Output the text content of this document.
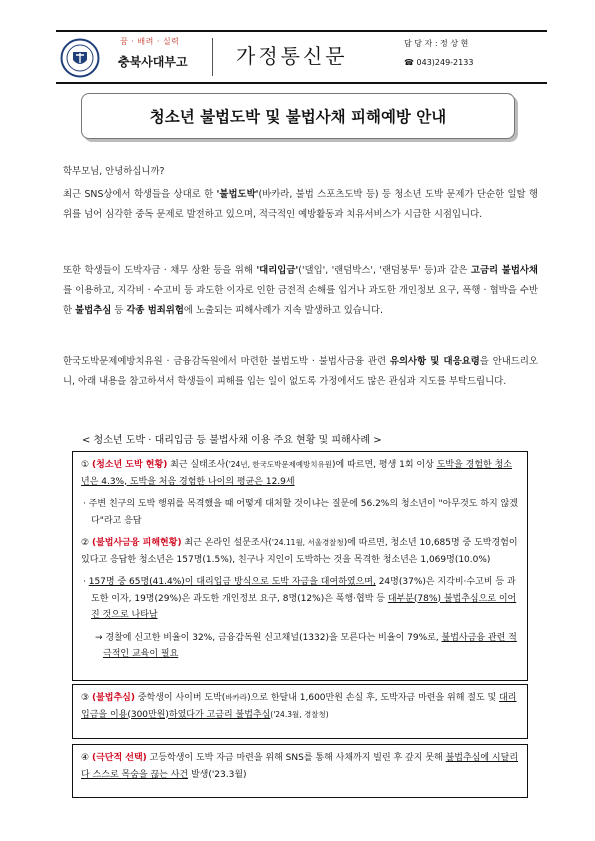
꿈 · 배려 · 실력
충북사대부고 가정통신문
담 당 자 : 정 상 현
☎ 043)249-2133
청소년 불법도박 및 불법사채 피해예방 안내
학부모님, 안녕하십니까?
최근 SNS상에서 학생들을 상대로 한 '불법도박'(바카라, 불법 스포츠도박 등) 등 청소년 도박 문제가 단순한 일탈 행위를 넘어 심각한 중독 문제로 발전하고 있으며, 적극적인 예방활동과 치유서비스가 시급한 시점입니다.
또한 학생들이 도박자금 · 채무 상환 등을 위해 '대리입금'('댈입', '랜덤박스', '랜덤붕투' 등)과 같은 고금리 불법사채를 이용하고, 지각비 · 수고비 등 과도한 이자로 인한 금전적 손해를 입거나 과도한 개인정보 요구, 폭행 · 협박을 수반한 불법추심 등 각종 범죄위험에 노출되는 피해사례가 지속 발생하고 있습니다.
한국도박문제예방치유원 · 금융감독원에서 마련한 불법도박 · 불법사금융 관련 유의사항 및 대응요령을 안내드리오니, 아래 내용을 참고하셔서 학생들이 피해를 입는 일이 없도록 가정에서도 많은 관심과 지도를 부탁드립니다.
< 청소년 도박 · 대리입금 등 불법사채 이용 주요 현황 및 피해사례 >
① (청소년 도박 현황) 최근 실태조사('24년, 한국도박문제예방치유원)에 따르면, 평생 1회 이상 도박을 경험한 청소년은 4.3%, 도박을 처음 경험한 나이의 평균은 12.9세
· 주변 친구의 도박 행위를 목격했을 때 어떻게 대처할 것이냐는 질문에 56.2%의 청소년이 "아무것도 하지 않겠다"라고 응답
② (불법사금융 피해현황) 최근 온라인 설문조사('24.11월, 서울경찰청)에 따르면, 청소년 10,685명 중 도박경험이 있다고 응답한 청소년은 157명(1.5%), 친구나 지인이 도박하는 것을 목격한 청소년은 1,069명(10.0%)
· 157명 중 65명(41.4%)이 대리입금 방식으로 도박 자금을 대여하였으며, 24명(37%)은 지각비·수고비 등 과도한 이자, 19명(29%)은 과도한 개인정보 요구, 8명(12%)은 폭행·협박 등 대부분(78%) 불법추심으로 이어진 것으로 나타남
→ 경찰에 신고한 비율이 32%, 금융감독원 신고채널(1332)을 모른다는 비율이 79%로, 불법사금융 관련 적극적인 교육이 필요
③ (불법추심) 중학생이 사이버 도박(바카라)으로 한달내 1,600만원 손실 후, 도박자금 마련을 위해 절도 및 대리입금을 이용(300만원)하였다가 고금리 불법추심('24.3월, 경찰청)
④ (극단적 선택) 고등학생이 도박 자금 마련을 위해 SNS를 통해 사채까지 빌린 후 갚지 못해 불법추심에 시달리다 스스로 목숨을 끊는 사건 발생('23.3월)
